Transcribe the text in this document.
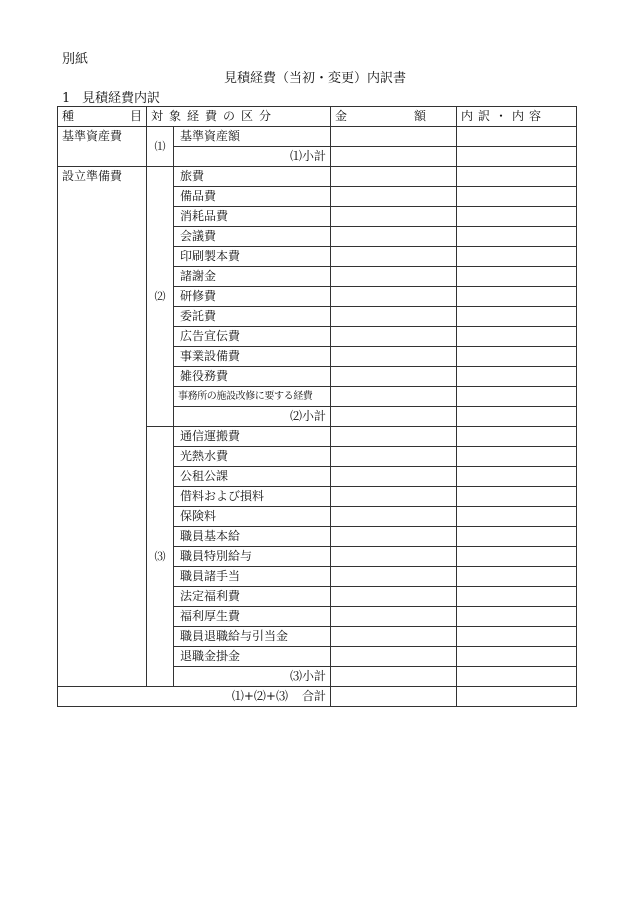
別紙
見積経費（当初・変更）内訳書
1 見積経費内訳
種 目	対象経費の区分		金 額	内訳・内容
基準資産費	⑴	基準資産額		
		⑴小計		
設立準備費	⑵	旅費		
		備品費		
		消耗品費		
		会議費		
		印刷製本費		
		諸謝金		
		研修費		
		委託費		
		広告宣伝費		
		事業設備費		
		雑役務費		
		事務所の施設改修に要する経費		
		⑵小計		
	⑶	通信運搬費		
		光熱水費		
		公租公課		
		借料および損料		
		保険料		
		職員基本給		
		職員特別給与		
		職員諸手当		
		法定福利費		
		福利厚生費		
		職員退職給与引当金		
		退職金掛金		
		⑶小計		
⑴+⑵+⑶ 合計				
